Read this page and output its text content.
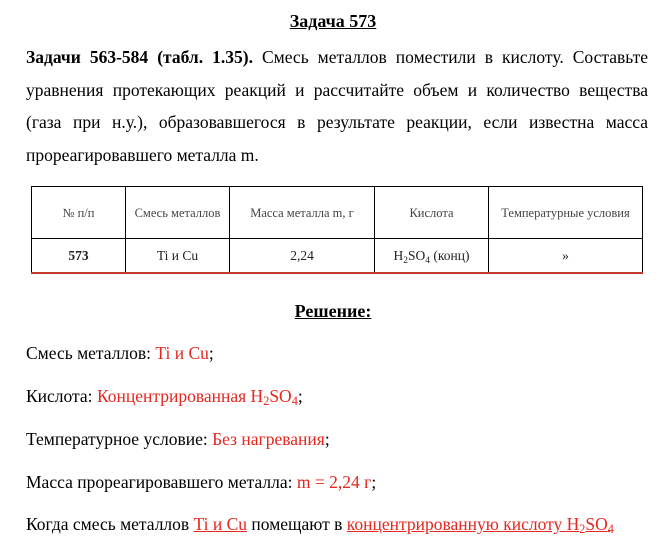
Задача 573
Задачи 563-584 (табл. 1.35). Смесь металлов поместили в кислоту. Составьте уравнения протекающих реакций и рассчитайте объем и количество вещества (газа при н.у.), образовавшегося в результате реакции, если известна масса прореагировавшего металла m.
№ п/п	Смесь металлов	Масса металла m, г	Кислота	Температурные условия
573	Ti и Cu	2,24	$H_2SO_4$ (конц)	»
Решение:
Смесь металлов: Ti и Cu;
Кислота: Концентрированная $H_2SO_4$;
Температурное условие: Без нагревания;
Масса прореагировавшего металла: m = 2,24 г;
Когда смесь металлов Ti и Cu помещают в концентрированную кислоту $H_2SO_4$
